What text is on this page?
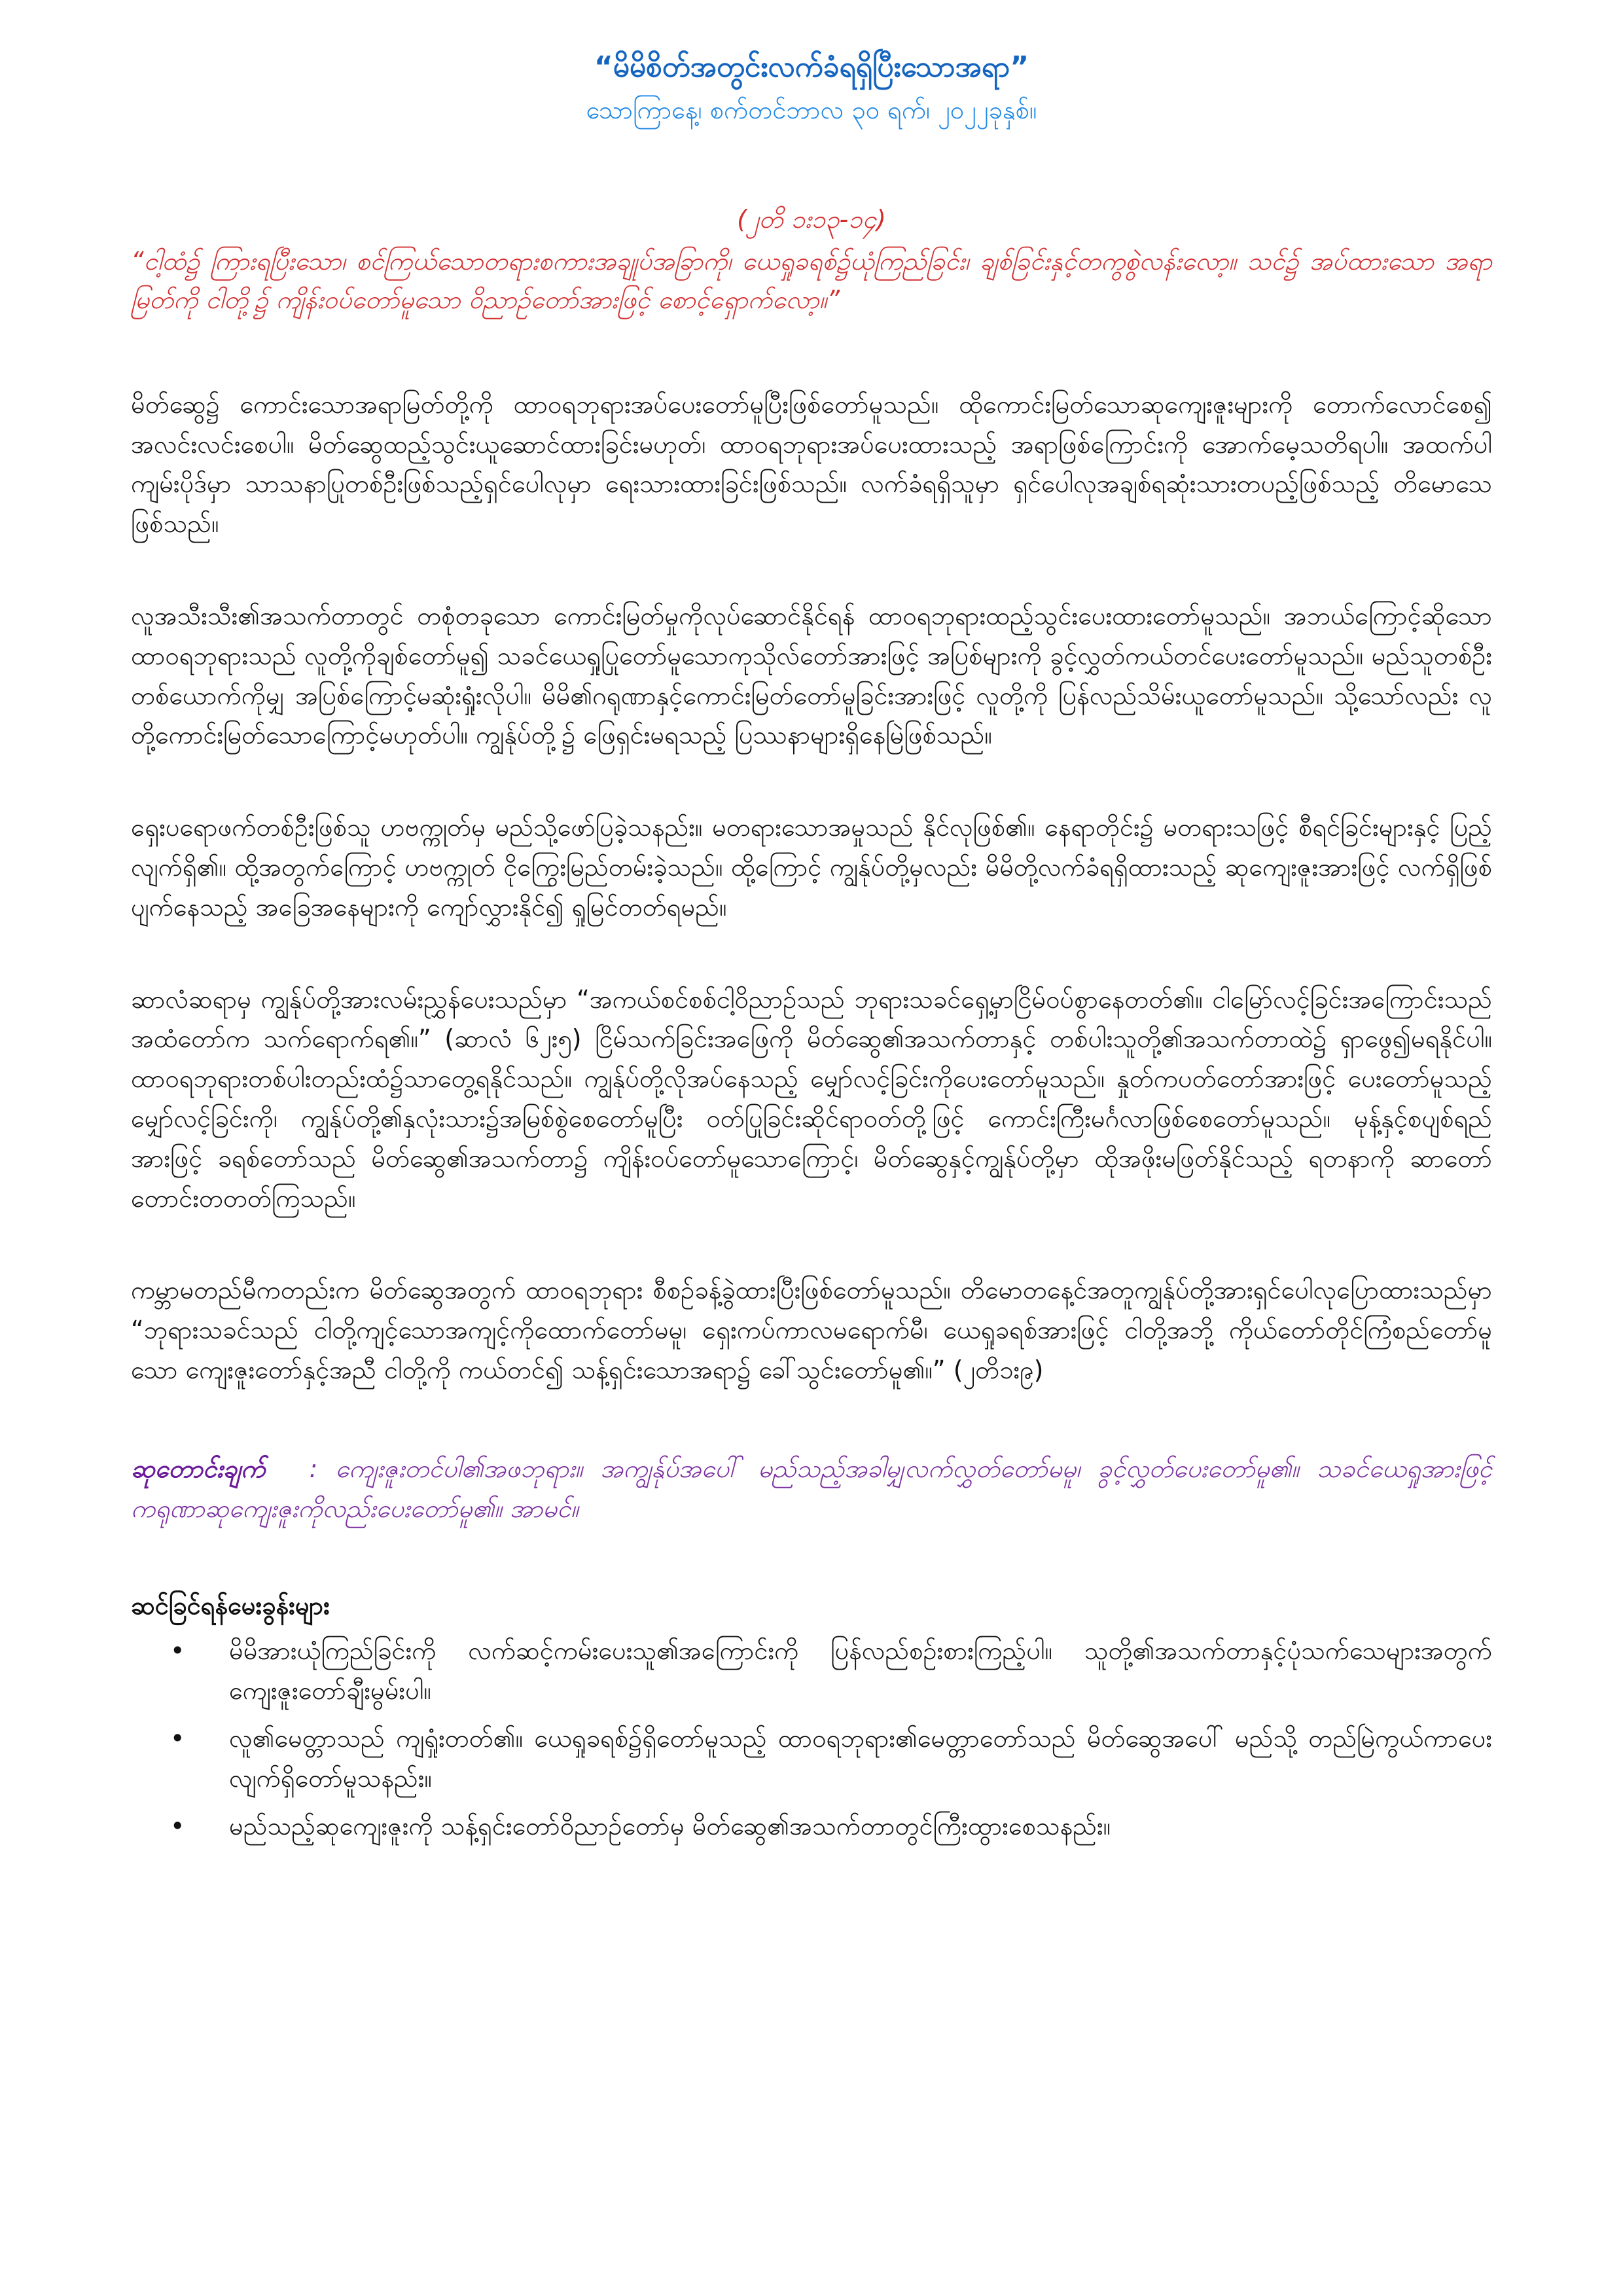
“မိမိစိတ်အတွင်းလက်ခံရရှိပြီးသောအရာ”

သောကြာနေ့၊ စက်တင်ဘာလ ၃၀ ရက်၊ ၂၀၂၂ခုနှစ်။

(၂တိ ၁း၁၃-၁၄)

“ငါ့ထံ၌ ကြားရပြီးသော၊ စင်ကြယ်သောတရားစကားအချုပ်အခြာကို၊ ယေရှုခရစ်၌ယုံကြည်ခြင်း၊ ချစ်ခြင်းနှင့်တကွစွဲလန်းလော့။ သင်၌ အပ်ထားသော အရာမြတ်ကို ငါတို့၌ ကျိန်းဝပ်တော်မူသော ဝိညာဉ်တော်အားဖြင့် စောင့်ရှောက်လော့။”

မိတ်ဆွေ၌ ကောင်းသောအရာမြတ်တို့ကို ထာဝရဘုရားအပ်ပေးတော်မူပြီးဖြစ်တော်မူသည်။ ထိုကောင်းမြတ်သောဆုကျေးဇူးများကို တောက်လောင်စေ၍ အလင်းလင်းစေပါ။ မိတ်ဆွေထည့်သွင်းယူဆောင်ထားခြင်းမဟုတ်၊ ထာဝရဘုရားအပ်ပေးထားသည့် အရာဖြစ်ကြောင်းကို အောက်မေ့သတိရပါ။ အထက်ပါ ကျမ်းပိုဒ်မှာ သာသနာပြုတစ်ဦးဖြစ်သည့်ရှင်ပေါလုမှာ ရေးသားထားခြင်းဖြစ်သည်။ လက်ခံရရှိသူမှာ ရှင်ပေါလုအချစ်ရဆုံးသားတပည့်ဖြစ်သည့် တိမောသေဖြစ်သည်။

လူအသီးသီး၏အသက်တာတွင် တစုံတခုသော ကောင်းမြတ်မှုကိုလုပ်ဆောင်နိုင်ရန် ထာဝရဘုရားထည့်သွင်းပေးထားတော်မူသည်။ အဘယ်ကြောင့်ဆိုသော ထာဝရဘုရားသည် လူတို့ကိုချစ်တော်မူ၍ သခင်ယေရှုပြုတော်မူသောကုသိုလ်တော်အားဖြင့် အပြစ်များကို ခွင့်လွှတ်ကယ်တင်ပေးတော်မူသည်။ မည်သူတစ်ဦးတစ်ယောက်ကိုမျှ အပြစ်ကြောင့်မဆုံးရှုံးလိုပါ။ မိမိ၏ဂရုဏာနှင့်ကောင်းမြတ်တော်မူခြင်းအားဖြင့် လူတို့ကို ပြန်လည်သိမ်းယူတော်မူသည်။ သို့သော်လည်း လူတို့ကောင်းမြတ်သောကြောင့်မဟုတ်ပါ။ ကျွန်ုပ်တို့၌ ဖြေရှင်းမရသည့် ပြဿနာများရှိနေမြဲဖြစ်သည်။

ရှေးပရောဖက်တစ်ဦးဖြစ်သူ ဟဗက္ကုတ်မှ မည်သို့ဖော်ပြခဲ့သနည်း။ မတရားသောအမှုသည် နိုင်လုဖြစ်၏။ နေရာတိုင်း၌ မတရားသဖြင့် စီရင်ခြင်းများနှင့် ပြည့်လျက်ရှိ၏။ ထို့အတွက်ကြောင့် ဟဗက္ကုတ် ငိုကြွေးမြည်တမ်းခဲ့သည်။ ထို့ကြောင့် ကျွန်ုပ်တို့မှလည်း မိမိတို့လက်ခံရရှိထားသည့် ဆုကျေးဇူးအားဖြင့် လက်ရှိဖြစ်ပျက်နေသည့် အခြေအနေများကို ကျော်လွှားနိုင်၍ ရှုမြင်တတ်ရမည်။

ဆာလံဆရာမှ ကျွန်ုပ်တို့အားလမ်းညွှန်ပေးသည်မှာ “အကယ်စင်စစ်ငါ့ဝိညာဉ်သည် ဘုရားသခင်ရှေ့မှာငြိမ်ဝပ်စွာနေတတ်၏။ ငါမြော်လင့်ခြင်းအကြောင်းသည် အထံတော်က သက်ရောက်ရ၏။” (ဆာလံ ၆၂း၅) ငြိမ်သက်ခြင်းအဖြေကို မိတ်ဆွေ၏အသက်တာနှင့် တစ်ပါးသူတို့၏အသက်တာထဲ၌ ရှာဖွေ၍မရနိုင်ပါ။ ထာဝရဘုရားတစ်ပါးတည်းထံ၌သာတွေ့ရနိုင်သည်။ ကျွန်ုပ်တို့လိုအပ်နေသည့် မျှော်လင့်ခြင်းကိုပေးတော်မူသည်။ နှုတ်ကပတ်တော်အားဖြင့် ပေးတော်မူသည့် မျှော်လင့်ခြင်းကို၊ ကျွန်ုပ်တို့၏နှလုံးသား၌အမြစ်စွဲစေတော်မူပြီး ဝတ်ပြုခြင်းဆိုင်ရာဝတ်တို့ဖြင့် ကောင်းကြီးမင်္ဂလာဖြစ်စေတော်မူသည်။ မုန့်နှင့်စပျစ်ရည်အားဖြင့် ခရစ်တော်သည် မိတ်ဆွေ၏အသက်တာ၌ ကျိန်းဝပ်တော်မူသောကြောင့်၊ မိတ်ဆွေနှင့်ကျွန်ုပ်တို့မှာ ထိုအဖိုးမဖြတ်နိုင်သည့် ရတနာကို ဆာတော်တောင်းတတတ်ကြသည်။

ကမ္ဘာမတည်မီကတည်းက မိတ်ဆွေအတွက် ထာဝရဘုရား စီစဉ်ခန့်ခွဲထားပြီးဖြစ်တော်မူသည်။ တိမောတနေ့င်အတူကျွန်ုပ်တို့အားရှင်ပေါလုပြောထားသည်မှာ “ဘုရားသခင်သည် ငါတို့ကျင့်သောအကျင့်ကိုထောက်တော်မမူ၊ ရှေးကပ်ကာလမရောက်မီ၊ ယေရှုခရစ်အားဖြင့် ငါတို့အဘို့ ကိုယ်တော်တိုင်ကြံစည်တော်မူသော ကျေးဇူးတော်နှင့်အညီ ငါတို့ကို ကယ်တင်၍ သန့်ရှင်းသောအရာ၌ ခေါ်သွင်းတော်မူ၏။” (၂တိ၁း၉)

ဆုတောင်းချက် : ကျေးဇူးတင်ပါ၏အဖဘုရား။ အကျွန်ုပ်အပေါ် မည်သည့်အခါမျှလက်လွှတ်တော်မမူ၊ ခွင့်လွှတ်ပေးတော်မူ၏။ သခင်ယေရှုအားဖြင့် ကရုဏာဆုကျေးဇူးကိုလည်းပေးတော်မူ၏။ အာမင်။

ဆင်ခြင်ရန်မေးခွန်းများ
• မိမိအားယုံကြည်ခြင်းကို လက်ဆင့်ကမ်းပေးသူ၏အကြောင်းကို ပြန်လည်စဉ်းစားကြည့်ပါ။ သူတို့၏အသက်တာနှင့်ပုံသက်သေများအတွက် ကျေးဇူးတော်ချီးမွမ်းပါ။
• လူ၏မေတ္တာသည် ကျရှုံးတတ်၏။ ယေရှုခရစ်၌ရှိတော်မူသည့် ထာဝရဘုရား၏မေတ္တာတော်သည် မိတ်ဆွေအပေါ် မည်သို့ တည်မြဲကွယ်ကာပေးလျက်ရှိတော်မူသနည်း။
• မည်သည့်ဆုကျေးဇူးကို သန့်ရှင်းတော်ဝိညာဉ်တော်မှ မိတ်ဆွေ၏အသက်တာတွင်ကြီးထွားစေသနည်း။
